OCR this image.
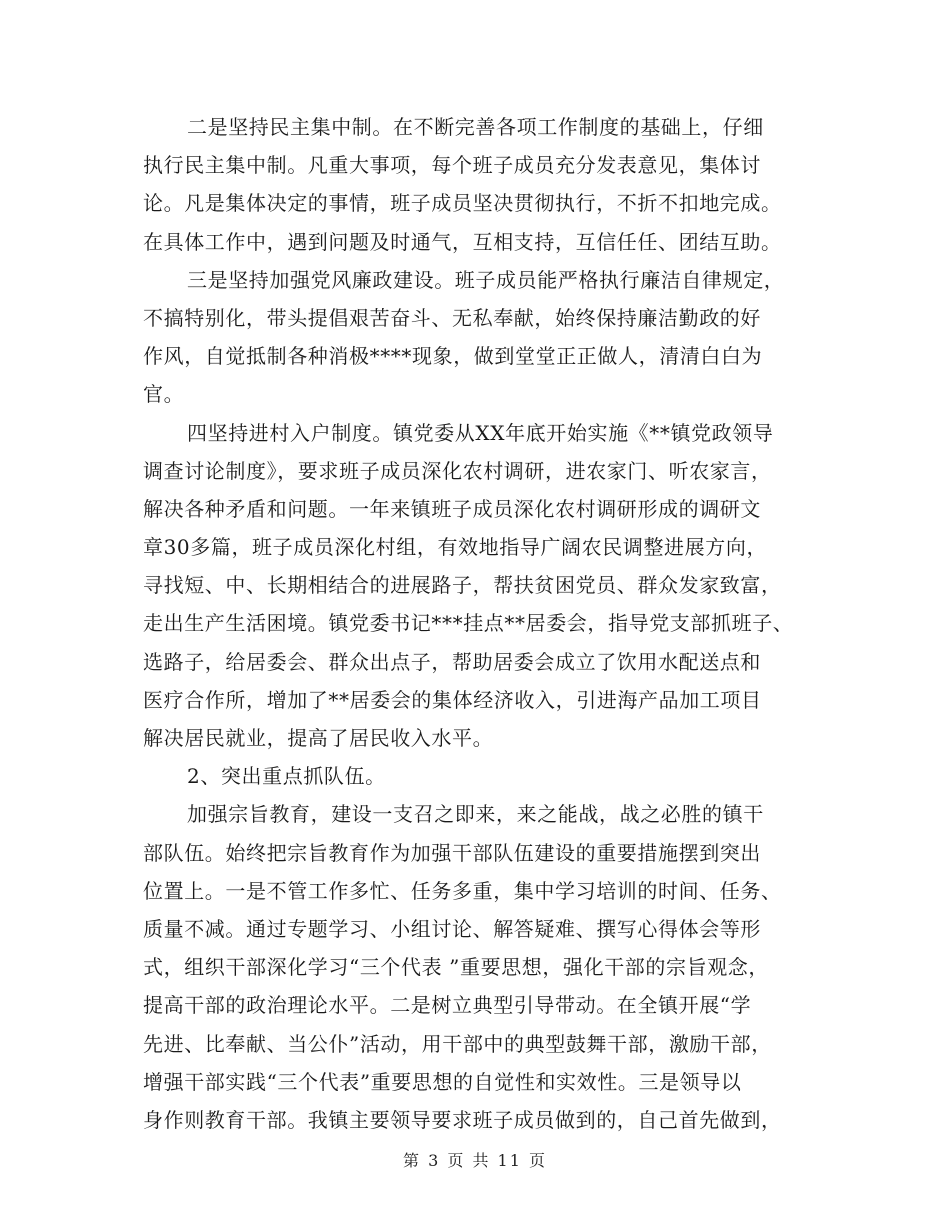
二是坚持民主集中制。在不断完善各项工作制度的基础上，仔细
执行民主集中制。凡重大事项，每个班子成员充分发表意见，集体讨
论。凡是集体决定的事情，班子成员坚决贯彻执行，不折不扣地完成。
在具体工作中，遇到问题及时通气，互相支持，互信任任、团结互助。
三是坚持加强党风廉政建设。班子成员能严格执行廉洁自律规定，
不搞特别化，带头提倡艰苦奋斗、无私奉献，始终保持廉洁勤政的好
作风，自觉抵制各种消极****现象，做到堂堂正正做人，清清白白为
官。
四坚持进村入户制度。镇党委从XX年底开始实施《**镇党政领导
调查讨论制度》，要求班子成员深化农村调研，进农家门、听农家言，
解决各种矛盾和问题。一年来镇班子成员深化农村调研形成的调研文
章30多篇，班子成员深化村组，有效地指导广阔农民调整进展方向，
寻找短、中、长期相结合的进展路子，帮扶贫困党员、群众发家致富，
走出生产生活困境。镇党委书记***挂点**居委会，指导党支部抓班子、
选路子，给居委会、群众出点子，帮助居委会成立了饮用水配送点和
医疗合作所，增加了**居委会的集体经济收入，引进海产品加工项目
解决居民就业，提高了居民收入水平。
2、突出重点抓队伍。
加强宗旨教育，建设一支召之即来，来之能战，战之必胜的镇干
部队伍。始终把宗旨教育作为加强干部队伍建设的重要措施摆到突出
位置上。一是不管工作多忙、任务多重，集中学习培训的时间、任务、
质量不减。通过专题学习、小组讨论、解答疑难、撰写心得体会等形
式，组织干部深化学习“三个代表 ”重要思想，强化干部的宗旨观念，
提高干部的政治理论水平。二是树立典型引导带动。在全镇开展“学
先进、比奉献、当公仆”活动，用干部中的典型鼓舞干部，激励干部，
增强干部实践“三个代表”重要思想的自觉性和实效性。三是领导以
身作则教育干部。我镇主要领导要求班子成员做到的，自己首先做到，
第 3 页 共 11 页
